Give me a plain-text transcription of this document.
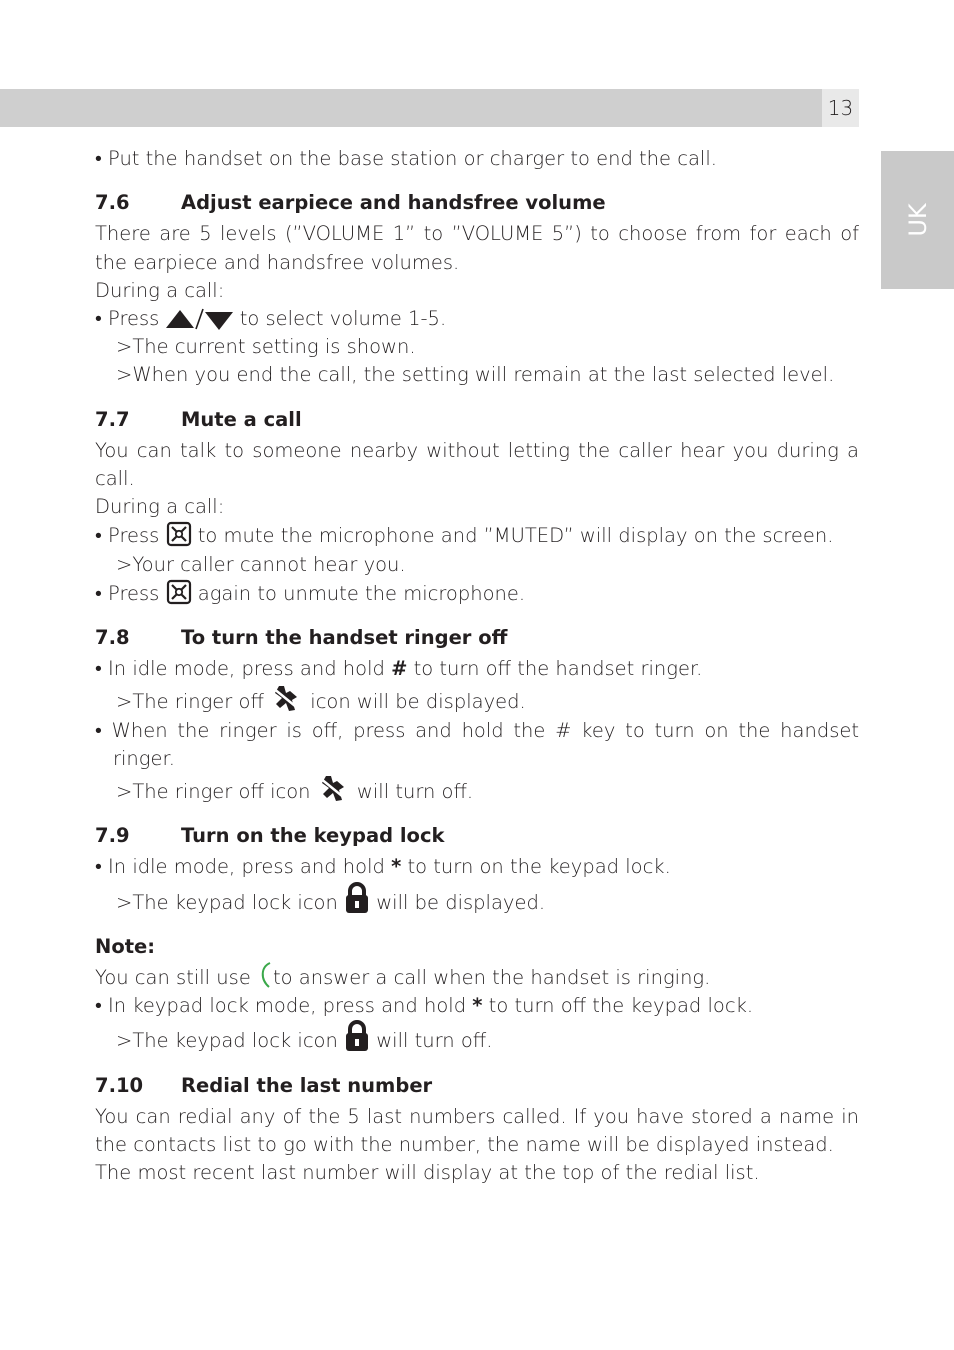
13
UK

• Put the handset on the base station or charger to end the call.

7.6	Adjust earpiece and handsfree volume

There are 5 levels (”VOLUME 1” to ”VOLUME 5”) to choose from for each of the earpiece and handsfree volumes.

During a call:

• Press	to select volume 1-5.

>The current setting is shown.

>When you end the call, the setting will remain at the last selected level.

7.7	Mute a call

You can talk to someone nearby without letting the caller hear you during a call.

During a call:

• Press  to mute the microphone and ”MUTED” will display on the screen.

>Your caller cannot hear you.

• Press  again to unmute the microphone.

7.8	To turn the handset ringer off

• In idle mode, press and hold # to turn off the handset ringer.

>The ringer off  icon will be displayed.

• When the ringer is off, press and hold the # key to turn on the handset ringer.

>The ringer off icon  will turn off.

7.9	Turn on the keypad lock

• In idle mode, press and hold * to turn on the keypad lock.

>The keypad lock icon  will be displayed.

Note:

You can still use to answer a call when the handset is ringing.

• In keypad lock mode, press and hold * to turn off the keypad lock.

>The keypad lock icon  will turn off.

7.10 Redial the last number

You can redial any of the 5 last numbers called. If you have stored a name in the contacts list to go with the number, the name will be displayed instead.

The most recent last number will display at the top of the redial list.
